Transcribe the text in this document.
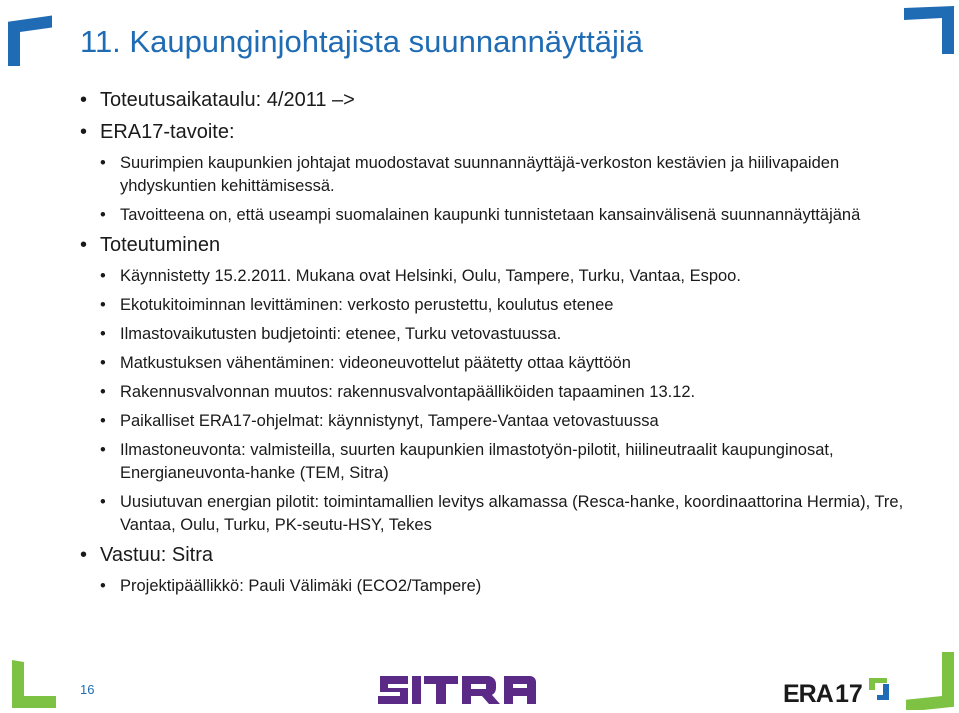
11. Kaupunginjohtajista suunnannäyttäjiä
• Toteutusaikataulu: 4/2011 –>
• ERA17-tavoite:
• Suurimpien kaupunkien johtajat muodostavat suunnannäyttäjä-verkoston kestävien ja hiilivapaiden yhdyskuntien kehittämisessä.
• Tavoitteena on, että useampi suomalainen kaupunki tunnistetaan kansainvälisenä suunnannäyttäjänä
• Toteutuminen
• Käynnistetty 15.2.2011. Mukana ovat Helsinki, Oulu, Tampere, Turku, Vantaa, Espoo.
• Ekotukitoiminnan levittäminen: verkosto perustettu, koulutus etenee
• Ilmastovaikutusten budjetointi: etenee, Turku vetovastuussa.
• Matkustuksen vähentäminen: videoneuvottelut päätetty ottaa käyttöön
• Rakennusvalvonnan muutos: rakennusvalvontapäälliköiden tapaaminen 13.12.
• Paikalliset ERA17-ohjelmat: käynnistynyt, Tampere-Vantaa vetovastuussa
• Ilmastoneuvonta: valmisteilla, suurten kaupunkien ilmastotyön-pilotit, hiilineutraalit kaupunginosat, Energianeuvonta-hanke (TEM, Sitra)
• Uusiutuvan energian pilotit: toimintamallien levitys alkamassa (Resca-hanke, koordinaattorina Hermia), Tre, Vantaa, Oulu, Turku, PK-seutu-HSY, Tekes
• Vastuu: Sitra
• Projektipäällikkö: Pauli Välimäki (ECO2/Tampere)
16	ERA 17
